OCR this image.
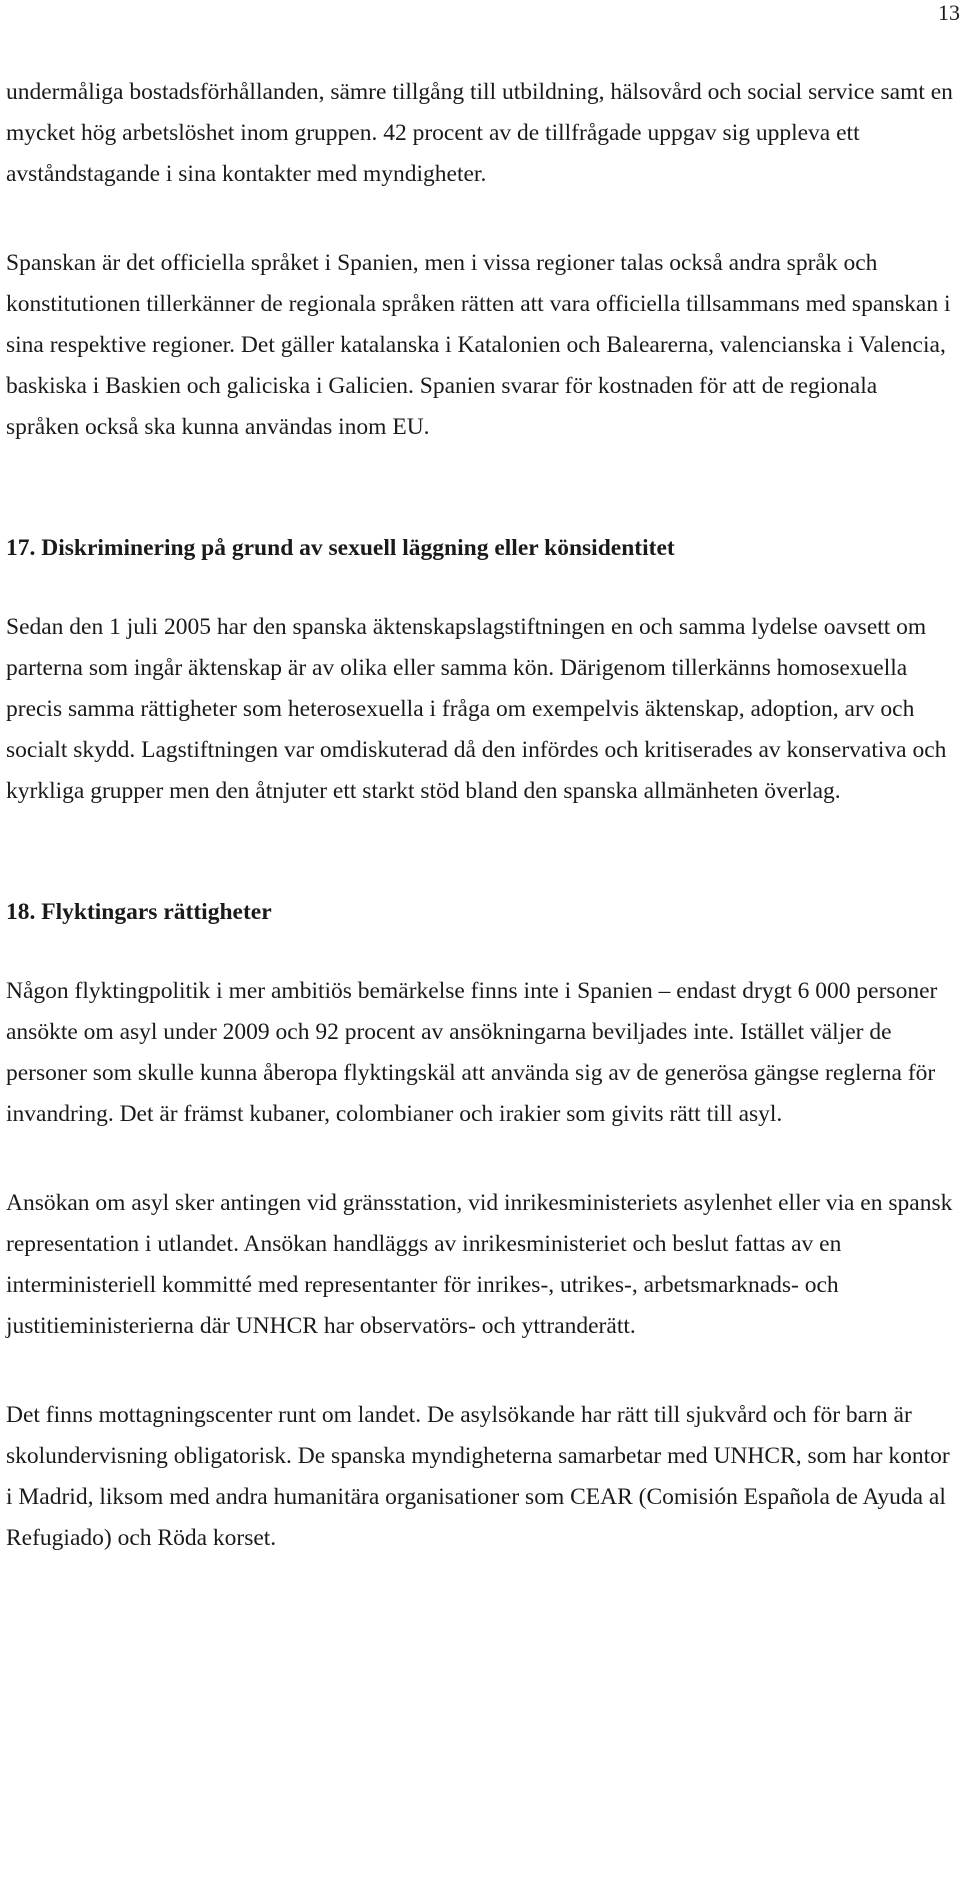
13

undermåliga bostadsförhållanden, sämre tillgång till utbildning, hälsovård och social service samt en mycket hög arbetslöshet inom gruppen. 42 procent av de tillfrågade uppgav sig uppleva ett avståndstagande i sina kontakter med myndigheter.

Spanskan är det officiella språket i Spanien, men i vissa regioner talas också andra språk och konstitutionen tillerkänner de regionala språken rätten att vara officiella tillsammans med spanskan i sina respektive regioner. Det gäller katalanska i Katalonien och Balearerna, valencianska i Valencia, baskiska i Baskien och galiciska i Galicien. Spanien svarar för kostnaden för att de regionala språken också ska kunna användas inom EU.

17. Diskriminering på grund av sexuell läggning eller könsidentitet

Sedan den 1 juli 2005 har den spanska äktenskapslagstiftningen en och samma lydelse oavsett om parterna som ingår äktenskap är av olika eller samma kön. Därigenom tillerkänns homosexuella precis samma rättigheter som heterosexuella i fråga om exempelvis äktenskap, adoption, arv och socialt skydd. Lagstiftningen var omdiskuterad då den infördes och kritiserades av konservativa och kyrkliga grupper men den åtnjuter ett starkt stöd bland den spanska allmänheten överlag.

18. Flyktingars rättigheter

Någon flyktingpolitik i mer ambitiös bemärkelse finns inte i Spanien – endast drygt 6 000 personer ansökte om asyl under 2009 och 92 procent av ansökningarna beviljades inte. Istället väljer de personer som skulle kunna åberopa flyktingskäl att använda sig av de generösa gängse reglerna för invandring. Det är främst kubaner, colombianer och irakier som givits rätt till asyl.

Ansökan om asyl sker antingen vid gränsstation, vid inrikesministeriets asylenhet eller via en spansk representation i utlandet. Ansökan handläggs av inrikesministeriet och beslut fattas av en interministeriell kommitté med representanter för inrikes-, utrikes-, arbetsmarknads- och justitieministerierna där UNHCR har observatörs- och yttranderätt.

Det finns mottagningscenter runt om landet. De asylsökande har rätt till sjukvård och för barn är skolundervisning obligatorisk. De spanska myndigheterna samarbetar med UNHCR, som har kontor i Madrid, liksom med andra humanitära organisationer som CEAR (Comisión Española de Ayuda al Refugiado) och Röda korset.
